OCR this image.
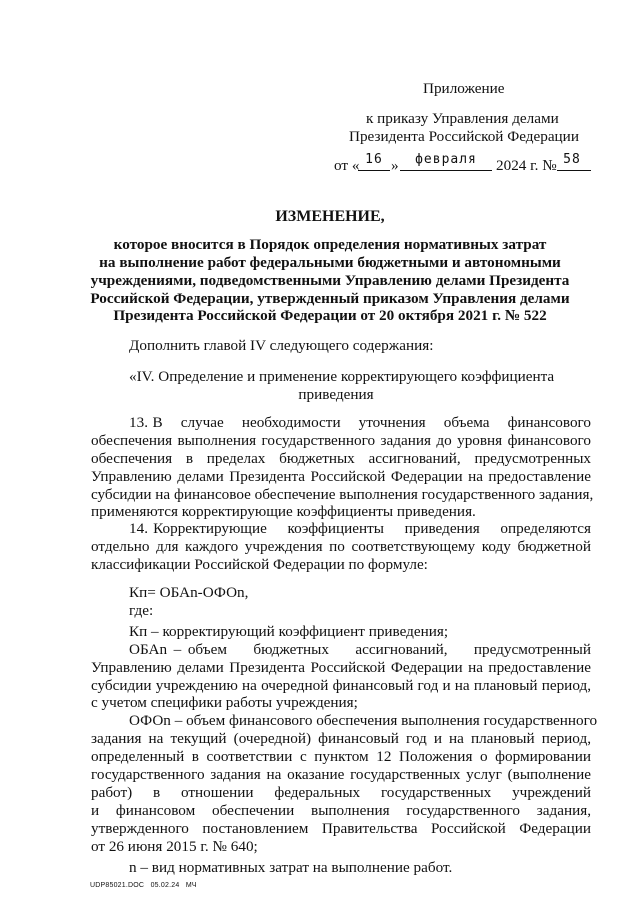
Приложение
к приказу Управления делами
Президента Российской Федерации
от « 16 »	февраля	2024 г. № 58
ИЗМЕНЕНИЕ,
которое вносится в Порядок определения нормативных затрат
на выполнение работ федеральными бюджетными и автономными
учреждениями, подведомственными Управлению делами Президента
Российской Федерации, утвержденный приказом Управления делами
Президента Российской Федерации от 20 октября 2021 г. № 522
Дополнить главой IV следующего содержания:
«IV. Определение и применение корректирующего коэффициента
приведения
13. В    случае    необходимости    уточнения    объема    финансового
обеспечения выполнения государственного задания до уровня финансового
обеспечения в пределах бюджетных ассигнований, предусмотренных
Управлению делами Президента Российской Федерации на предоставление
субсидии на финансовое обеспечение выполнения государственного задания,
применяются корректирующие коэффициенты приведения.
14. Корректирующие    коэффициенты    приведения    определяются
отдельно для каждого учреждения по соответствующему коду бюджетной
классификации Российской Федерации по формуле:
Кп= ОБАn-ОФОn,
где:
Кп – корректирующий коэффициент приведения;
ОБАn – объем    бюджетных    ассигнований,    предусмотренный
Управлению делами Президента Российской Федерации на предоставление
субсидии учреждению на очередной финансовый год и на плановый период,
с учетом специфики работы учреждения;
ОФОn – объем финансового обеспечения выполнения государственного
задания на текущий (очередной) финансовый год и на плановый период,
определенный в соответствии с пунктом 12 Положения о формировании
государственного задания на оказание государственных услуг (выполнение
работ)   в   отношении   федеральных   государственных   учреждений
и   финансовом   обеспечении   выполнения   государственного   задания,
утвержденного постановлением Правительства Российской Федерации
от 26 июня 2015 г. № 640;
n – вид нормативных затрат на выполнение работ.
UDP85021.DOC   05.02.24   МЧ
